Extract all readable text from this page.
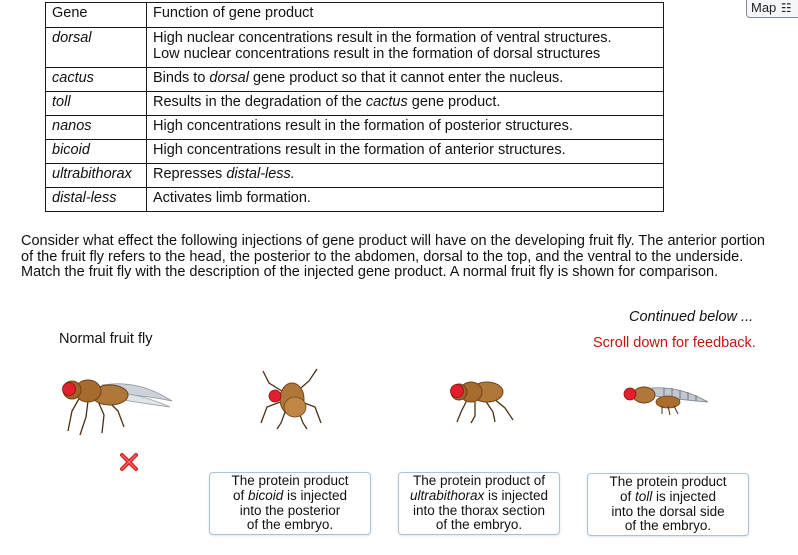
Gene	Function of gene product
dorsal	High nuclear concentrations result in the formation of ventral structures.
Low nuclear concentrations result in the formation of dorsal structures

cactus	Binds to dorsal gene product so that it cannot enter the nucleus.
toll	Results in the degradation of the cactus gene product.
nanos	High concentrations result in the formation of posterior structures.
bicoid	High concentrations result in the formation of anterior structures.
ultrabithorax	Represses distal-less.
distal-less	Activates limb formation.
Map ☷
Consider what effect the following injections of gene product will have on the developing fruit fly. The anterior portion of the fruit fly refers to the head, the posterior to the abdomen, dorsal to the top, and the ventral to the underside. Match the fruit fly with the description of the injected gene product. A normal fruit fly is shown for comparison.
Continued below ...
Scroll down for feedback.
Normal fruit fly
The protein product
of bicoid is injected
into the posterior
of the embryo.
The protein product of
ultrabithorax is injected
into the thorax section
of the embryo.
The protein product
of toll is injected
into the dorsal side
of the embryo.
